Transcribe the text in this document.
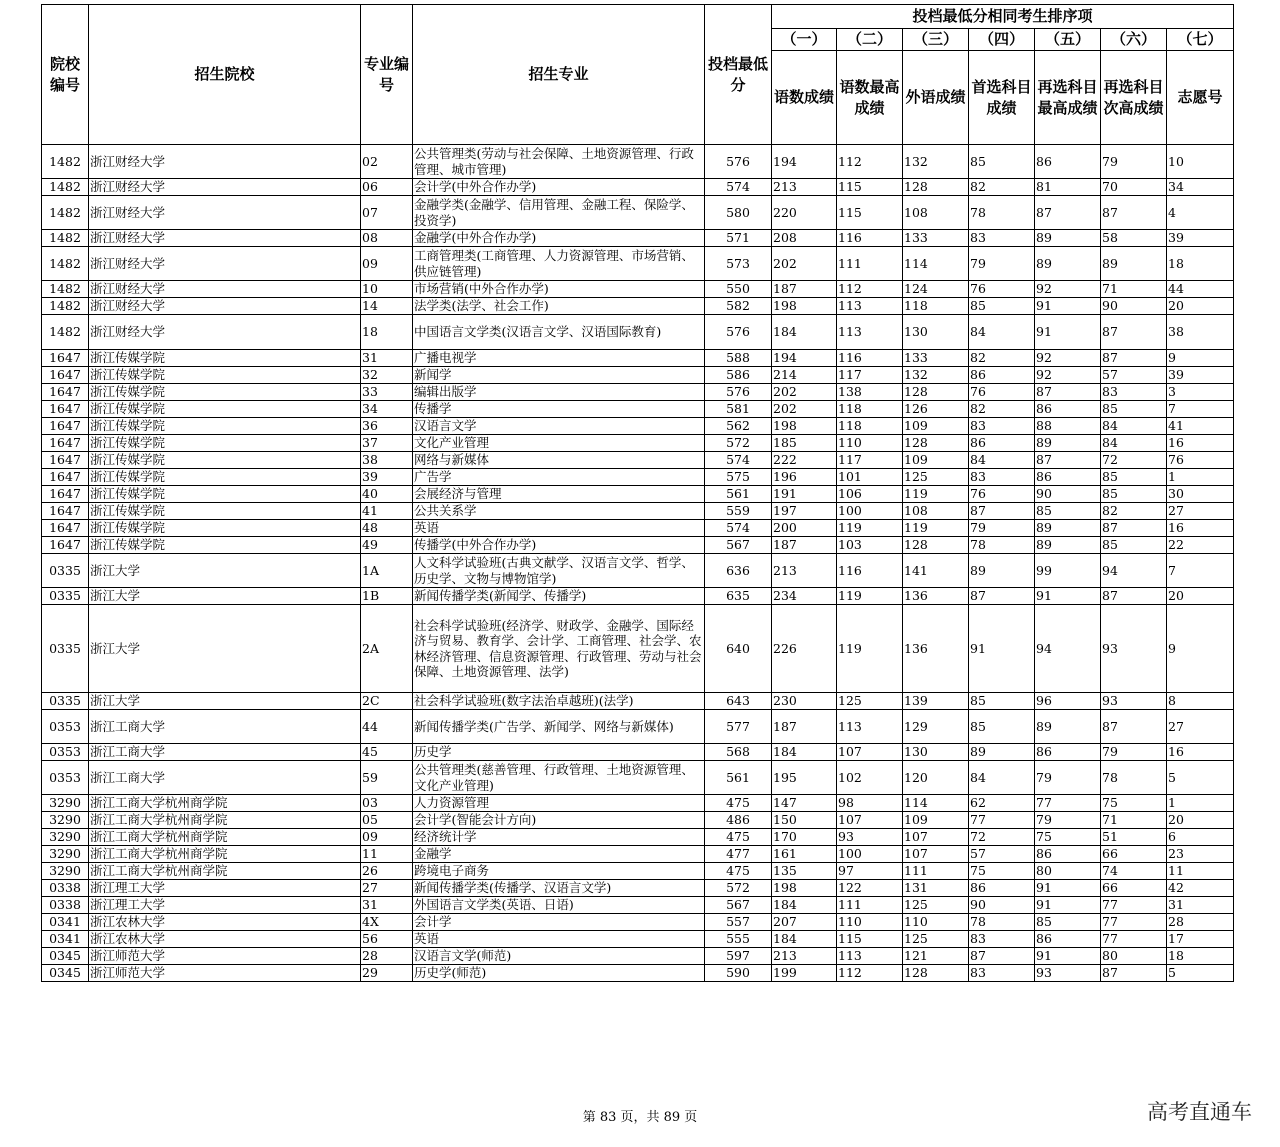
院校编号	招生院校	专业编号	招生专业	投档最低分	投档最低分相同考生排序项						
					（一）	（二）	（三）	（四）	（五）	（六）	（七）
					语数成绩	语数最高成绩	外语成绩	首选科目成绩	再选科目最高成绩	再选科目次高成绩	志愿号
1482	浙江财经大学	02	公共管理类(劳动与社会保障、土地资源管理、行政管理、城市管理)	576	194	112	132	85	86	79	10
1482	浙江财经大学	06	会计学(中外合作办学)	574	213	115	128	82	81	70	34
1482	浙江财经大学	07	金融学类(金融学、信用管理、金融工程、保险学、投资学)	580	220	115	108	78	87	87	4
1482	浙江财经大学	08	金融学(中外合作办学)	571	208	116	133	83	89	58	39
1482	浙江财经大学	09	工商管理类(工商管理、人力资源管理、市场营销、供应链管理)	573	202	111	114	79	89	89	18
1482	浙江财经大学	10	市场营销(中外合作办学)	550	187	112	124	76	92	71	44
1482	浙江财经大学	14	法学类(法学、社会工作)	582	198	113	118	85	91	90	20
1482	浙江财经大学	18	中国语言文学类(汉语言文学、汉语国际教育)	576	184	113	130	84	91	87	38
1647	浙江传媒学院	31	广播电视学	588	194	116	133	82	92	87	9
1647	浙江传媒学院	32	新闻学	586	214	117	132	86	92	57	39
1647	浙江传媒学院	33	编辑出版学	576	202	138	128	76	87	83	3
1647	浙江传媒学院	34	传播学	581	202	118	126	82	86	85	7
1647	浙江传媒学院	36	汉语言文学	562	198	118	109	83	88	84	41
1647	浙江传媒学院	37	文化产业管理	572	185	110	128	86	89	84	16
1647	浙江传媒学院	38	网络与新媒体	574	222	117	109	84	87	72	76
1647	浙江传媒学院	39	广告学	575	196	101	125	83	86	85	1
1647	浙江传媒学院	40	会展经济与管理	561	191	106	119	76	90	85	30
1647	浙江传媒学院	41	公共关系学	559	197	100	108	87	85	82	27
1647	浙江传媒学院	48	英语	574	200	119	119	79	89	87	16
1647	浙江传媒学院	49	传播学(中外合作办学)	567	187	103	128	78	89	85	22
0335	浙江大学	1A	人文科学试验班(古典文献学、汉语言文学、哲学、历史学、文物与博物馆学)	636	213	116	141	89	99	94	7
0335	浙江大学	1B	新闻传播学类(新闻学、传播学)	635	234	119	136	87	91	87	20
0335	浙江大学	2A	社会科学试验班(经济学、财政学、金融学、国际经济与贸易、教育学、会计学、工商管理、社会学、农林经济管理、信息资源管理、行政管理、劳动与社会保障、土地资源管理、法学)	640	226	119	136	91	94	93	9
0335	浙江大学	2C	社会科学试验班(数字法治卓越班)(法学)	643	230	125	139	85	96	93	8
0353	浙江工商大学	44	新闻传播学类(广告学、新闻学、网络与新媒体)	577	187	113	129	85	89	87	27
0353	浙江工商大学	45	历史学	568	184	107	130	89	86	79	16
0353	浙江工商大学	59	公共管理类(慈善管理、行政管理、土地资源管理、文化产业管理)	561	195	102	120	84	79	78	5
3290	浙江工商大学杭州商学院	03	人力资源管理	475	147	98	114	62	77	75	1
3290	浙江工商大学杭州商学院	05	会计学(智能会计方向)	486	150	107	109	77	79	71	20
3290	浙江工商大学杭州商学院	09	经济统计学	475	170	93	107	72	75	51	6
3290	浙江工商大学杭州商学院	11	金融学	477	161	100	107	57	86	66	23
3290	浙江工商大学杭州商学院	26	跨境电子商务	475	135	97	111	75	80	74	11
0338	浙江理工大学	27	新闻传播学类(传播学、汉语言文学)	572	198	122	131	86	91	66	42
0338	浙江理工大学	31	外国语言文学类(英语、日语)	567	184	111	125	90	91	77	31
0341	浙江农林大学	4X	会计学	557	207	110	110	78	85	77	28
0341	浙江农林大学	56	英语	555	184	115	125	83	86	77	17
0345	浙江师范大学	28	汉语言文学(师范)	597	213	113	121	87	91	80	18
0345	浙江师范大学	29	历史学(师范)	590	199	112	128	83	93	87	5
第 83 页，共 89 页	高考直通车
